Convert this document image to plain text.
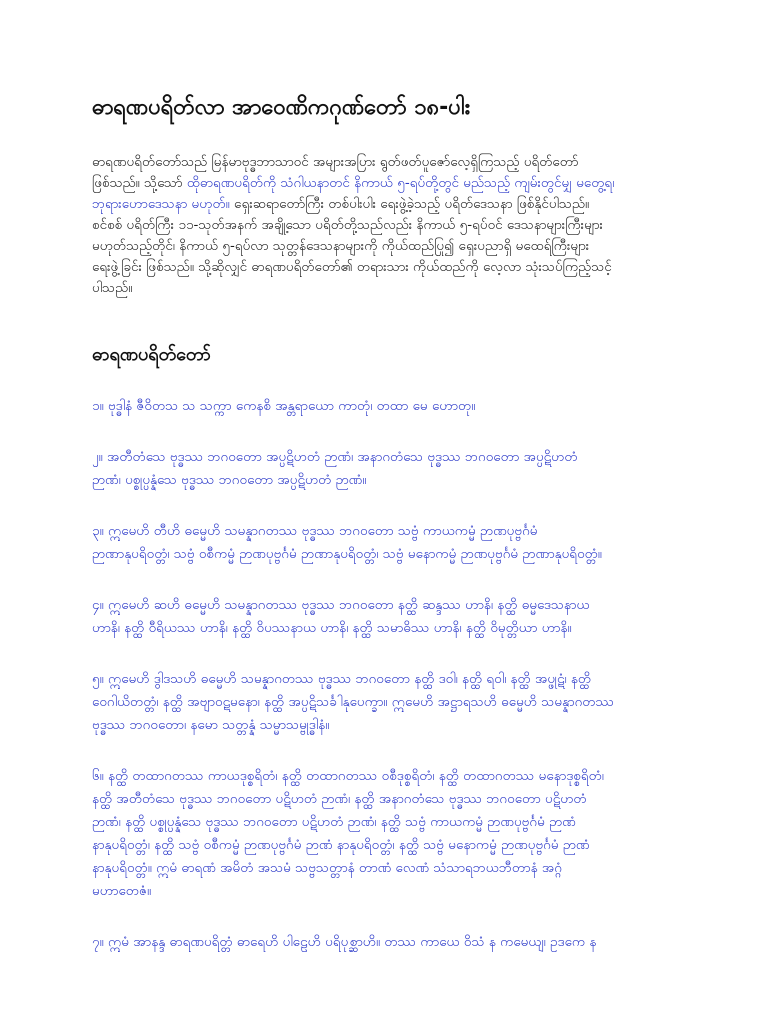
ဓာရဏပရိတ်လာ အာဝေဏိကဂုဏ်တော် ၁၈-ပါး

ဓာရဏပရိတ်တော်သည် မြန်မာဗုဒ္ဓဘာသာဝင် အများအပြား ရွတ်ဖတ်ပူဇော်လေ့ရှိကြသည့် ပရိတ်တော်

ဖြစ်သည်။ သို့သော် ထိုဓာရဏပရိတ်ကို သံဂါယနာတင် နိကာယ် ၅-ရပ်တို့တွင် မည်သည့် ကျမ်းတွင်မျှ မတွေ့ရ၊

ဘုရားဟောဒေသနာ မဟုတ်။ ရှေးဆရာတော်ကြီး တစ်ပါးပါး ရေးဖွဲ့ခဲ့သည့် ပရိတ်ဒေသနာ ဖြစ်နိုင်ပါသည်။

စင်စစ် ပရိတ်ကြီး ၁၁-သုတ်အနက် အချို့သော ပရိတ်တို့သည်လည်း နိကာယ် ၅-ရပ်ဝင် ဒေသနာများကြီးများ

မဟုတ်သည့်တိုင်၊ နိကာယ် ၅-ရပ်လာ သုတ္တန်ဒေသနာများကို ကိုယ်ထည်ပြု၍ ရှေးပညာရှိ မထေရ်ကြီးများ

ရေးဖွဲ့ခြင်း ဖြစ်သည်။ သို့ဆိုလျှင် ဓာရဏပရိတ်တော်၏ တရားသား ကိုယ်ထည်ကို လေ့လာ သုံးသပ်ကြည့်သင့်

ပါသည်။

ဓာရဏပရိတ်တော်
၁။ ဗုဒ္ဓါနံ ဇီဝိတသ သ သက္ကာ ကေနစိ အန္တရာယော ကာတုံ၊ တထာ မေ ဟောတု။
၂။ အတီတံသေ ဗုဒ္ဓဿ ဘဂဝတော အပ္ပဋိဟတံ ဉာဏံ၊ အနာဂတံသေ ဗုဒ္ဓဿ ဘဂဝတော အပ္ပဋိဟတံ
ဉာဏံ၊ ပစ္စုပ္ပန္နံသေ ဗုဒ္ဓဿ ဘဂဝတော အပ္ပဋိဟတံ ဉာဏံ။
၃။ ဣမေဟိ တီဟိ ဓမ္မေဟိ သမန္နာဂတဿ ဗုဒ္ဓဿ ဘဂဝတော သဗ္ဗံ ကာယကမ္မံ ဉာဏပုဗ္ဗင်္ဂမံ
ဉာဏာနုပရိဝတ္တံ၊ သဗ္ဗံ ဝစီကမ္မံ ဉာဏပုဗ္ဗင်္ဂမံ ဉာဏာနုပရိဝတ္တံ၊ သဗ္ဗံ မနောကမ္မံ ဉာဏပုဗ္ဗင်္ဂမံ ဉာဏာနုပရိဝတ္တံ။
၄။ ဣမေဟိ ဆဟိ ဓမ္မေဟိ သမန္နာဂတဿ ဗုဒ္ဓဿ ဘဂဝတော နတ္ထိ ဆန္ဒဿ ဟာနိ၊ နတ္ထိ ဓမ္မဒေသနာယ
ဟာနိ၊ နတ္ထိ ဝီရိယဿ ဟာနိ၊ နတ္ထိ ဝိပဿနာယ ဟာနိ၊ နတ္ထိ သမာဓိဿ ဟာနိ၊ နတ္ထိ ဝိမုတ္တိယာ ဟာနိ။
၅။ ဣမေဟိ ဒွါဒသဟိ ဓမ္မေဟိ သမန္နာဂတဿ ဗုဒ္ဓဿ ဘဂဝတော နတ္ထိ ဒဝါ၊ နတ္ထိ ရဝါ၊ နတ္ထိ အပ္ဖုဋံ၊ နတ္ထိ
ဝေဂါယိတတ္တံ၊ နတ္ထိ အဗျာဝဋမနော၊ နတ္ထိ အပ္ပဋိသင်္ခါနုပေက္ခာ။ ဣမေဟိ အဋ္ဌာရသဟိ ဓမ္မေဟိ သမန္နာဂတဿ
ဗုဒ္ဓဿ ဘဂဝတော၊ နမော သတ္တန္နံ သမ္မာသမ္ဗုဒ္ဓါနံ။
၆။ နတ္ထိ တထာဂတဿ ကာယဒုစ္စရိတံ၊ နတ္ထိ တထာဂတဿ ဝစီဒုစ္စရိတံ၊ နတ္ထိ တထာဂတဿ မနောဒုစ္စရိတံ၊
နတ္ထိ အတီတံသေ ဗုဒ္ဓဿ ဘဂဝတော ပဋိဟတံ ဉာဏံ၊ နတ္ထိ အနာဂတံသေ ဗုဒ္ဓဿ ဘဂဝတော ပဋိဟတံ
ဉာဏံ၊ နတ္ထိ ပစ္စုပ္ပန္နံသေ ဗုဒ္ဓဿ ဘဂဝတော ပဋိဟတံ ဉာဏံ၊ နတ္ထိ သဗ္ဗံ ကာယကမ္မံ ဉာဏပုဗ္ဗင်္ဂမံ ဉာဏံ
နာနုပရိဝတ္တံ၊ နတ္ထိ သဗ္ဗံ ဝစီကမ္မံ ဉာဏပုဗ္ဗင်္ဂမံ ဉာဏံ နာနုပရိဝတ္တံ၊ နတ္ထိ သဗ္ဗံ မနောကမ္မံ ဉာဏပုဗ္ဗင်္ဂမံ ဉာဏံ
နာနုပရိဝတ္တံ။ ဣမံ ဓာရဏံ အမိတံ အသမံ သဗ္ဗသတ္တာနံ တာဏံ လေဏံ သံသာရဘယဘီတာနံ အဂ္ဂံ
မဟာတေဇံ။
၇။ ဣမံ အာနန္ဒ ဓာရဏပရိတ္တံ ဓာရေဟိ ပါဠေဟိ ပရိပုစ္ဆာဟိ။ တဿ ကာယေ ဝိသံ န ကမေယျ၊ ဥဒကေ န
